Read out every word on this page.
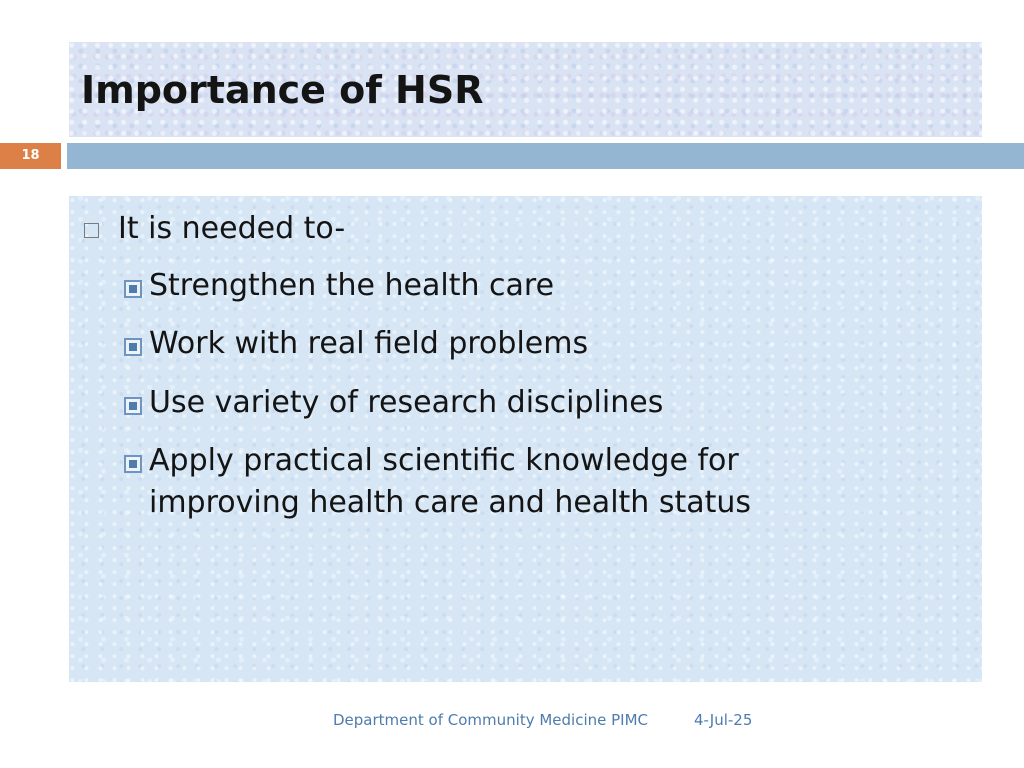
Importance of HSR
18
It is needed to-
Strengthen the health care
Work with real field problems
Use variety of research disciplines
Apply practical scientific knowledge for
improving health care and health status
Department of Community Medicine PIMC	4-Jul-25
